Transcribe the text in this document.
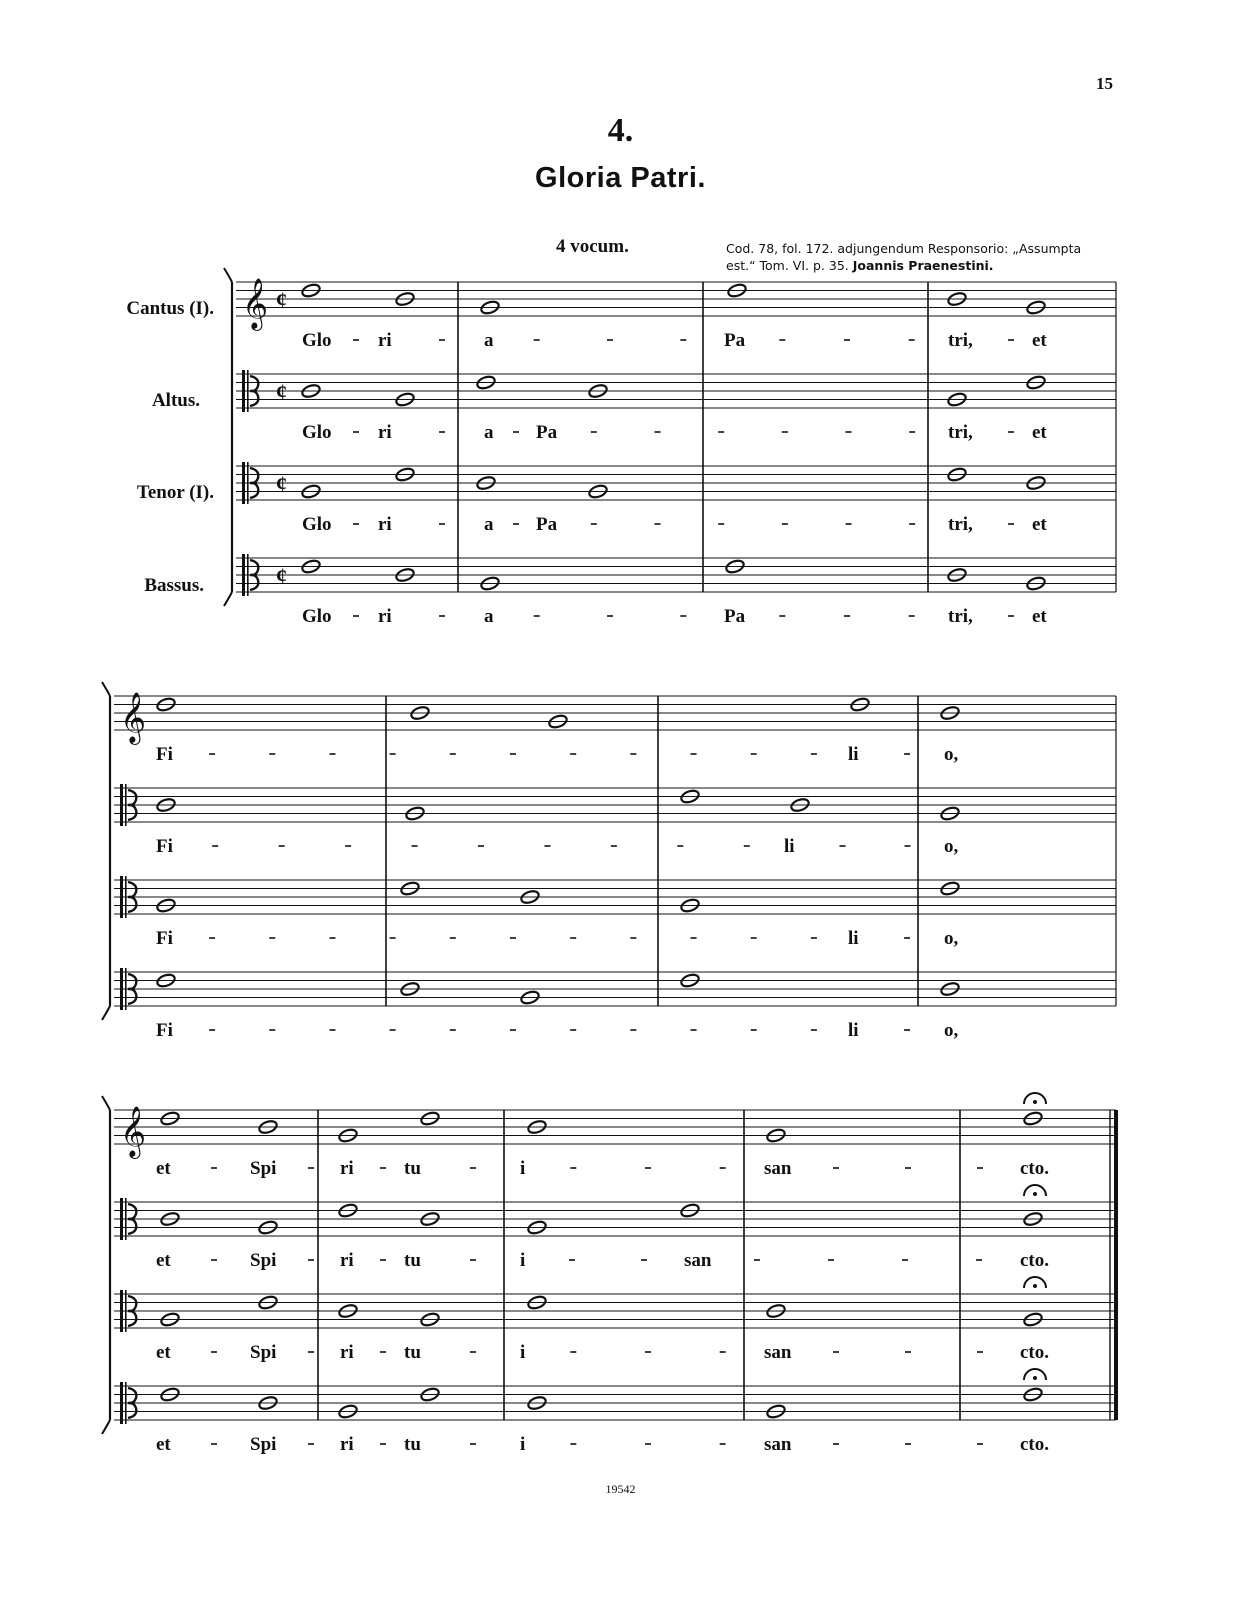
15
4.
Gloria Patri.
4 vocum.	Cod. 78, fol. 172. adjungendum Responsorio: „Assumpta
est.“ Tom. VI. p. 35. Joannis Praenestini.
Cantus (I).
Altus.
Tenor (I).
Bassus.
𝄞 ¢
Glo ri	a	Pa	tri,	et
¢
Glo ri	a Pa	tri,	et
¢
Glo ri	a Pa	tri,	et
¢
Glo ri	a	Pa	tri,	et
𝄞
Fi	li	o,
Fi	li	o,
Fi	li	o,
Fi	li	o,
𝄞
et	Spi	ri	tu	i	san	cto.
et	Spi	ri	tu	i	san	cto.
et	Spi	ri	tu	i	san	cto.
et	Spi	ri	tu	i	san	cto.
19542
